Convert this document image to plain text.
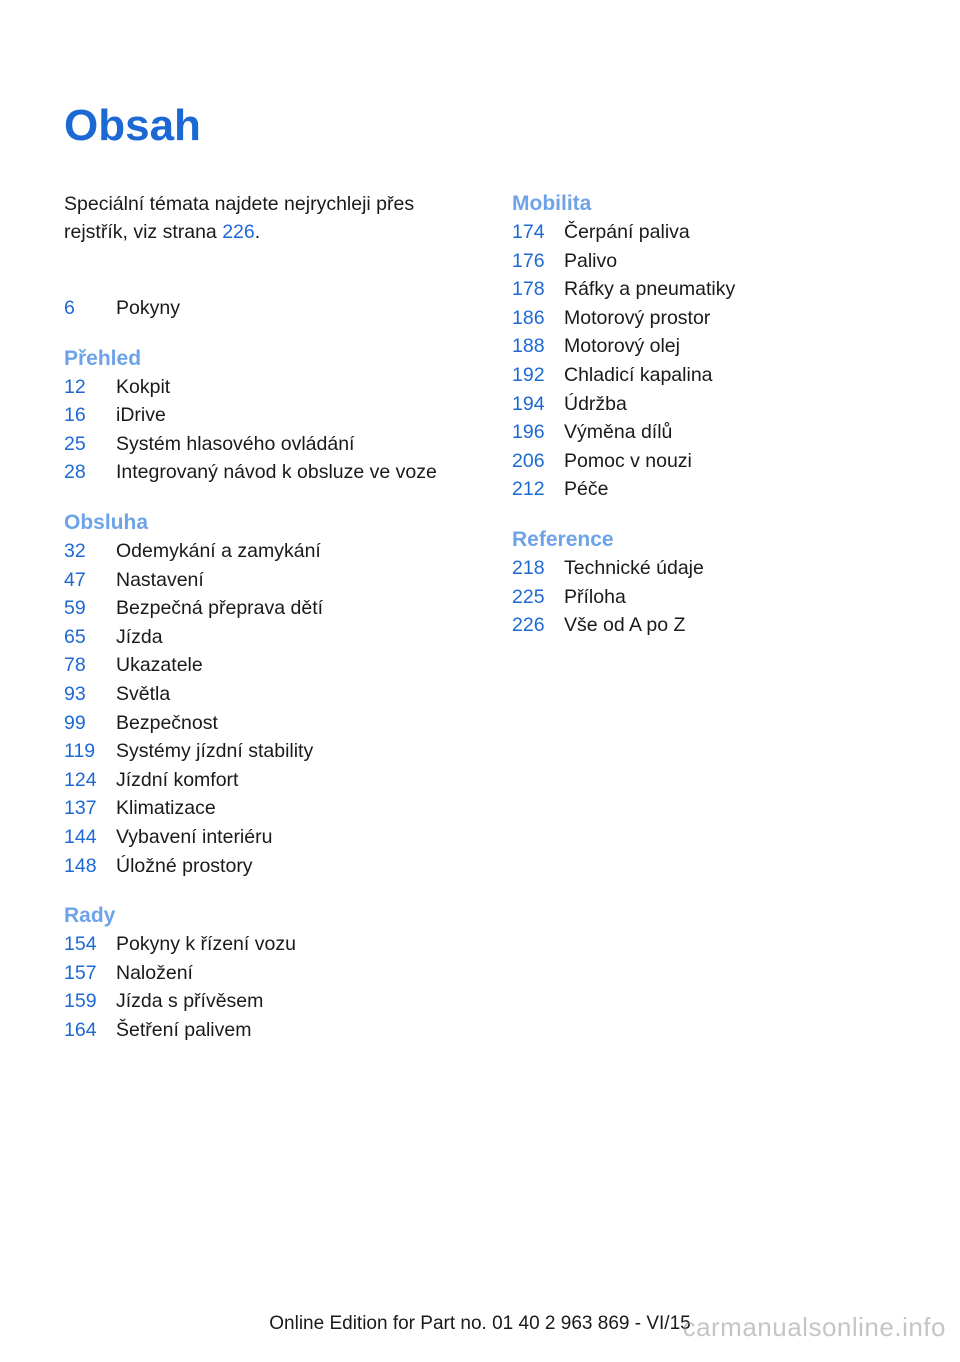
Obsah

Speciální témata najdete nejrychleji přes rejstřík, viz strana 226.

6	Pokyny
Přehled
12	Kokpit
16	iDrive
25	Systém hlasového ovládání
28	Integrovaný návod k obsluze ve voze
Obsluha
32	Odemykání a zamykání
47	Nastavení
59	Bezpečná přeprava dětí
65	Jízda
78	Ukazatele
93	Světla
99	Bezpečnost
119	Systémy jízdní stability
124 Jízdní komfort
137 Klimatizace
144 Vybavení interiéru
148 Úložné prostory
Rady
154 Pokyny k řízení vozu
157 Naložení
159 Jízda s přívěsem
164 Šetření palivem
Mobilita
174 Čerpání paliva
176 Palivo
178 Ráfky a pneumatiky
186 Motorový prostor
188 Motorový olej
192 Chladicí kapalina
194 Údržba
196 Výměna dílů
206 Pomoc v nouzi
212 Péče
Reference
218 Technické údaje
225 Příloha
226 Vše od A po Z
Online Edition for Part no. 01 40 2 963 869 - VI/15
carmanualsonline.info
